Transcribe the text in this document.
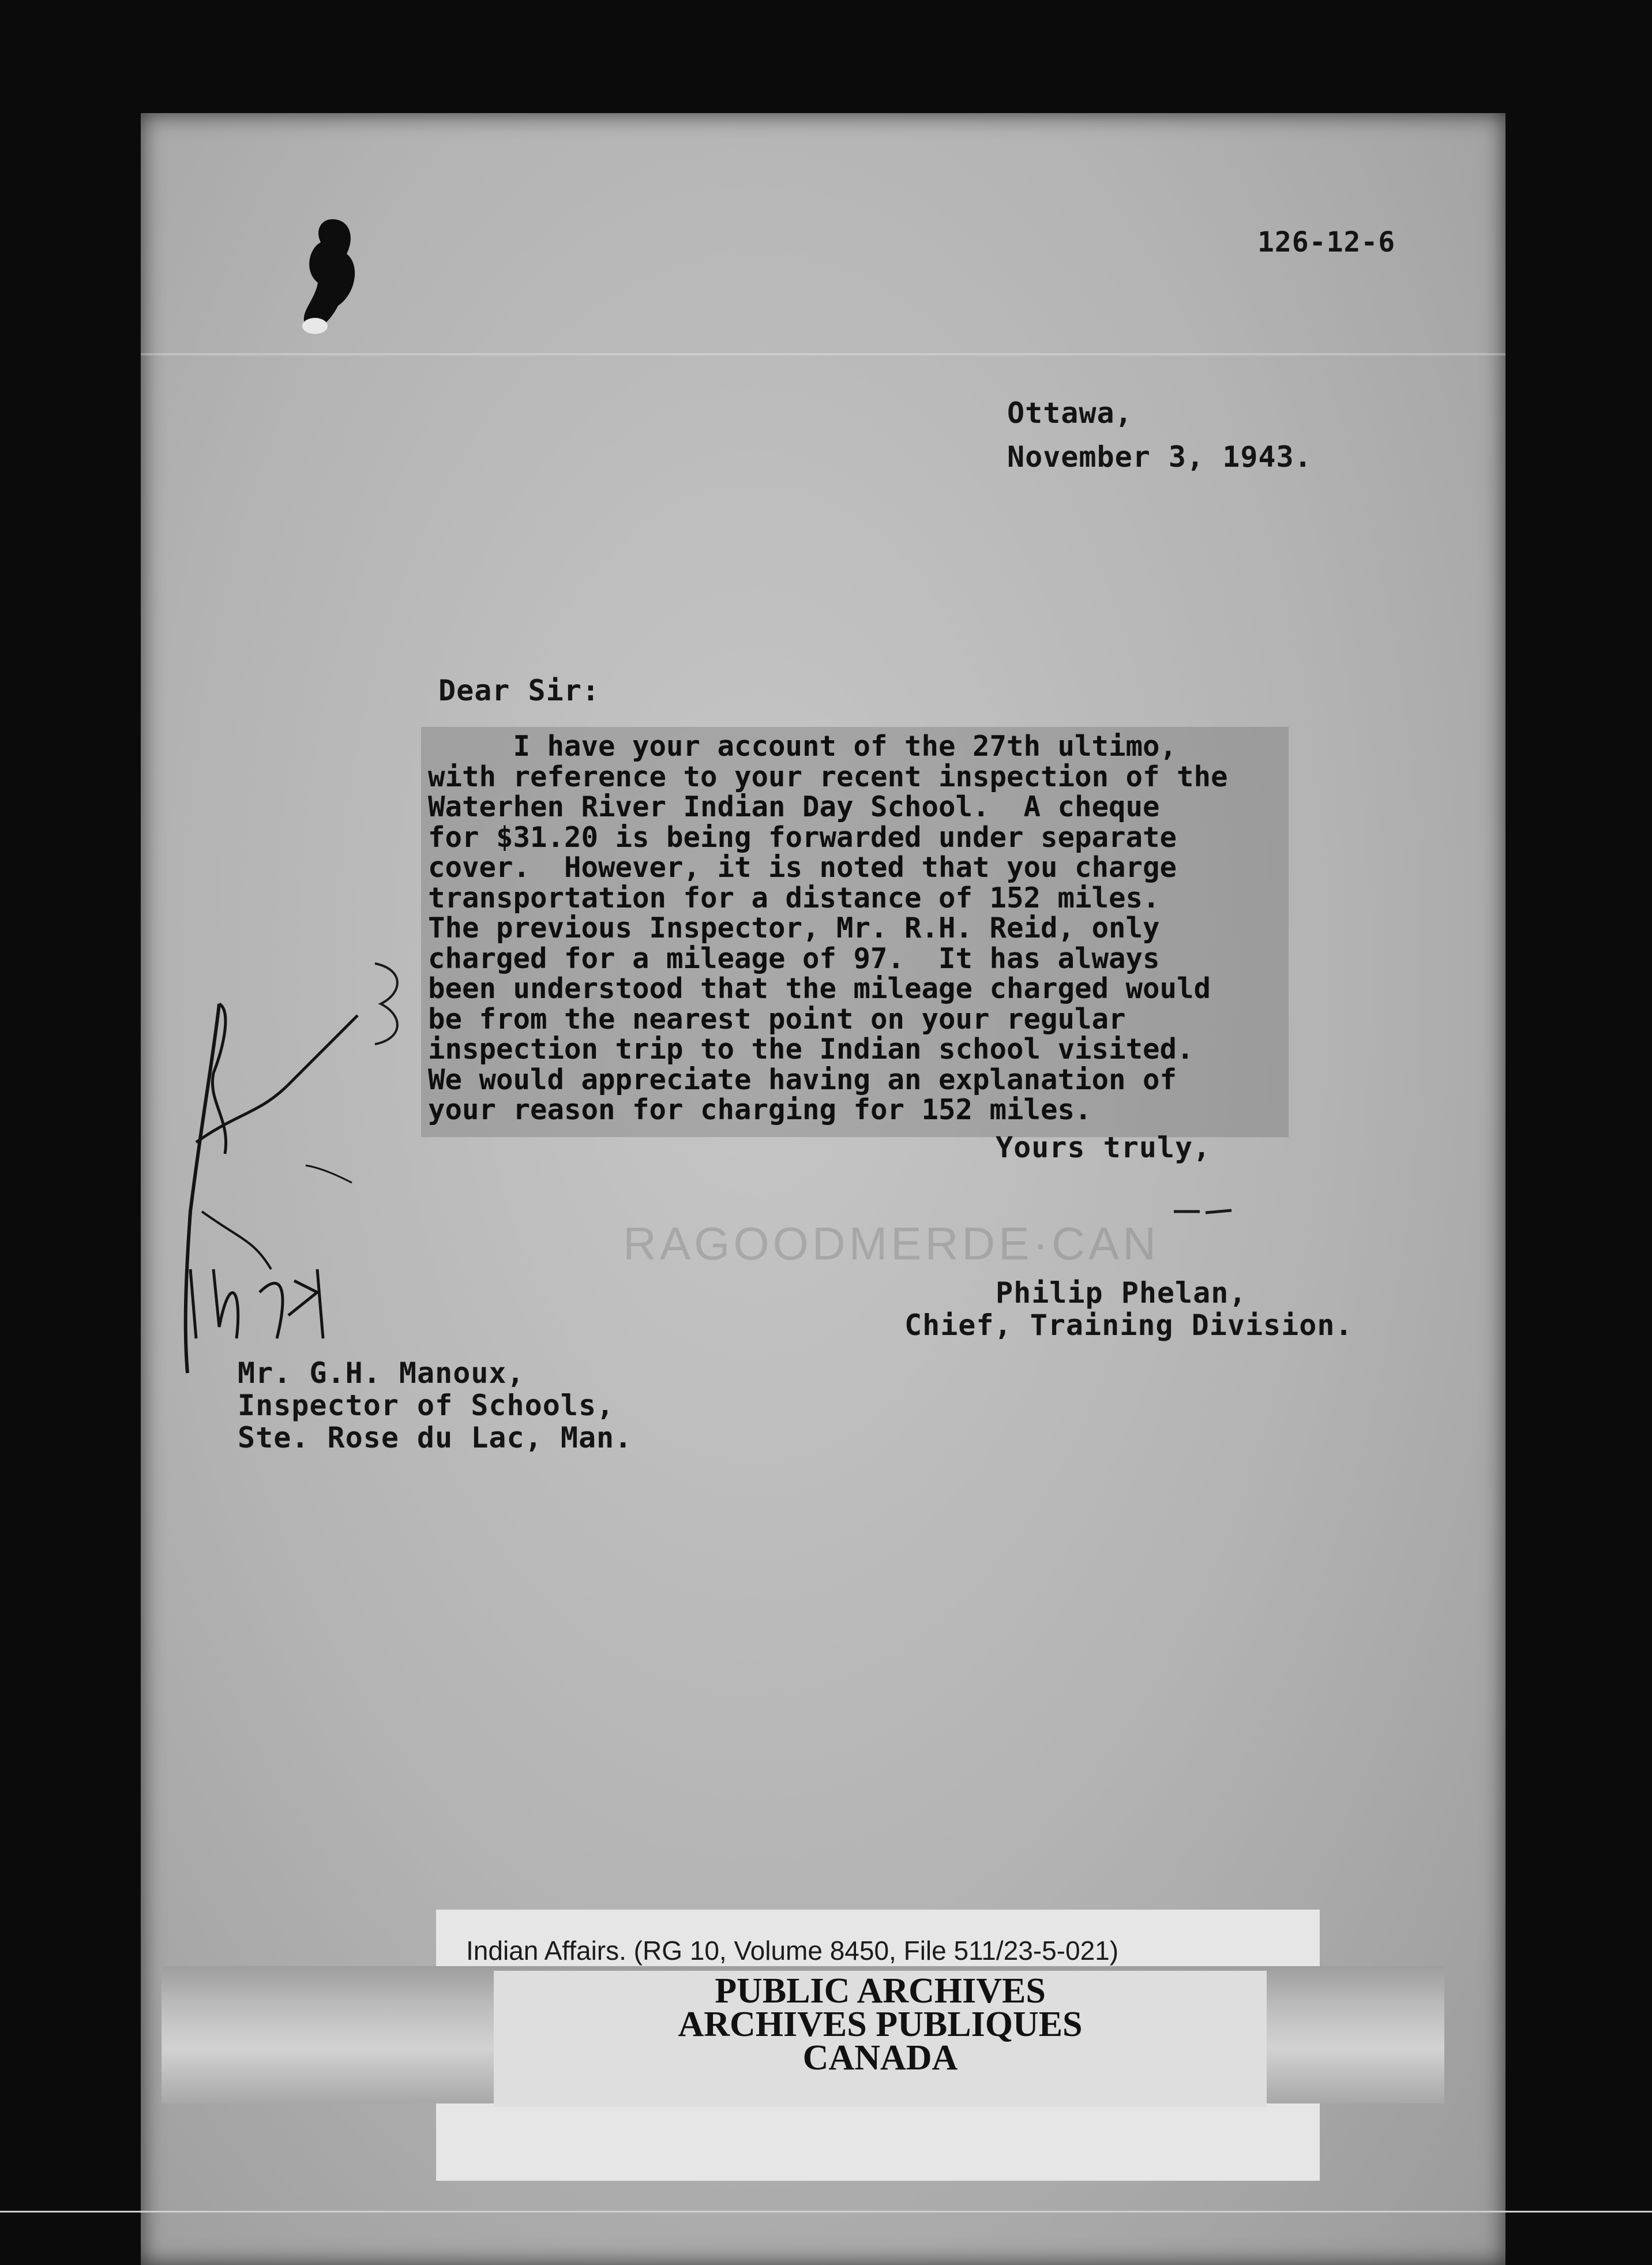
126-12-6
Ottawa,
November 3, 1943.
RAGOODMERDE·CAN
Dear Sir:
I have your account of the 27th ultimo,
with reference to your recent inspection of the
Waterhen River Indian Day School.  A cheque
for $31.20 is being forwarded under separate
cover.  However, it is noted that you charge
transportation for a distance of 152 miles.
The previous Inspector, Mr. R.H. Reid, only
charged for a mileage of 97.  It has always
been understood that the mileage charged would
be from the nearest point on your regular
inspection trip to the Indian school visited.
We would appreciate having an explanation of
your reason for charging for 152 miles.
Yours truly,
Philip Phelan,
Chief, Training Division.
Mr. G.H. Manoux,
Inspector of Schools,
Ste. Rose du Lac, Man.
Indian Affairs. (RG 10, Volume 8450, File 511/23-5-021)
PUBLIC ARCHIVES
ARCHIVES PUBLIQUES
CANADA
